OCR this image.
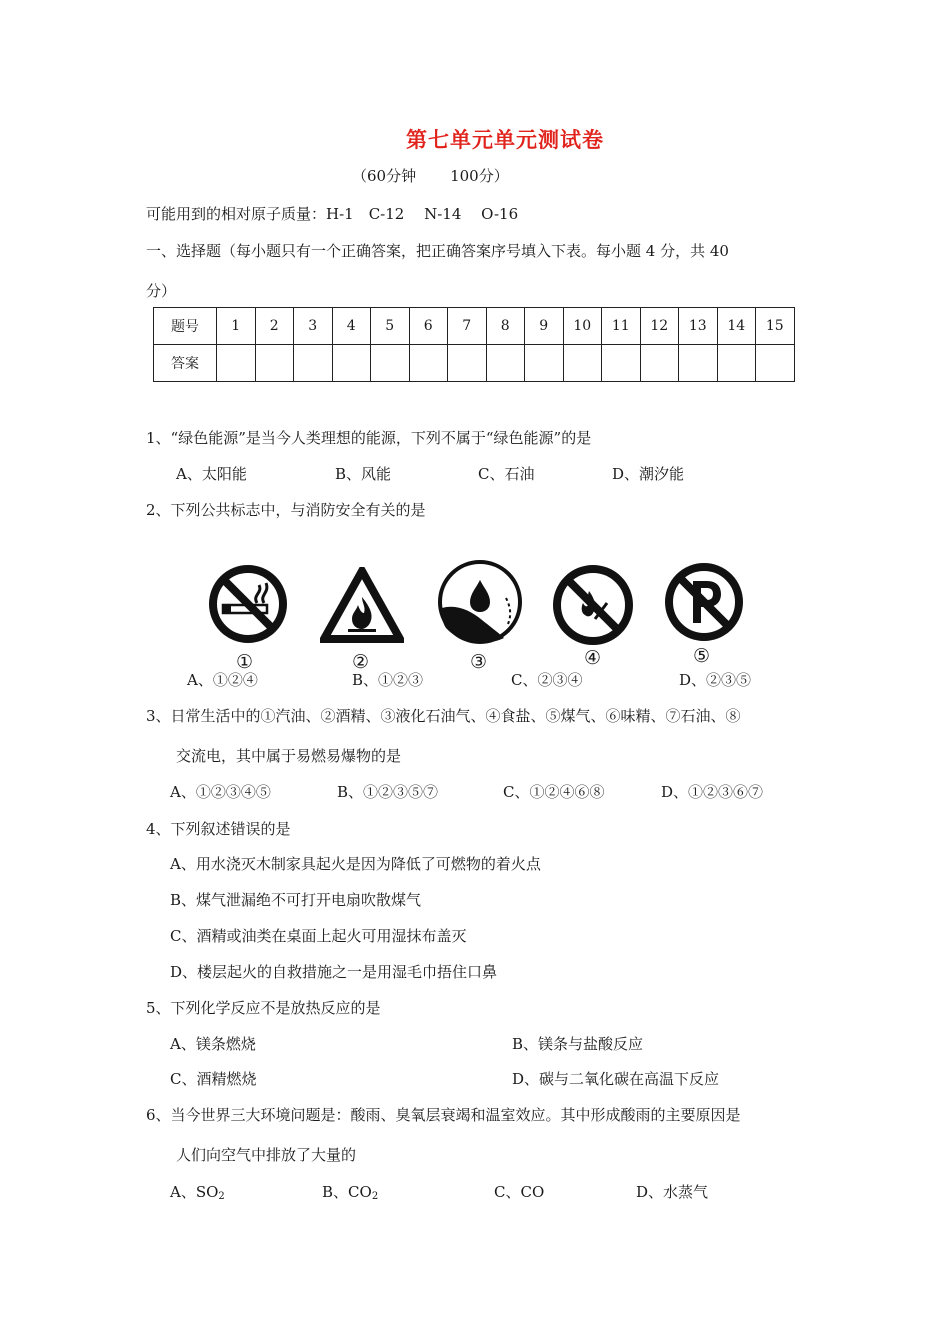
第七单元单元测试卷
（60分钟 100分）
可能用到的相对原子质量：H-1　C-12　 N-14　 O-16
一、选择题（每小题只有一个正确答案，把正确答案序号填入下表。每小题 4 分，共 40
分）
题号	1	2	3	4	5	6	7	8	9	10	11	12	13	14	15
答案															
1、“绿色能源”是当今人类理想的能源，下列不属于“绿色能源”的是
A、太阳能	B、风能	C、石油	D、潮汐能
2、下列公共标志中，与消防安全有关的是
①	②	③	④	⑤
A、①②④	B、①②③	C、②③④	D、②③⑤
3、日常生活中的①汽油、②酒精、③液化石油气、④食盐、⑤煤气、⑥味精、⑦石油、⑧
交流电，其中属于易燃易爆物的是
A、①②③④⑤	B、①②③⑤⑦	C、①②④⑥⑧	D、①②③⑥⑦
4、下列叙述错误的是
A、用水浇灭木制家具起火是因为降低了可燃物的着火点
B、煤气泄漏绝不可打开电扇吹散煤气
C、酒精或油类在桌面上起火可用湿抹布盖灭
D、楼层起火的自救措施之一是用湿毛巾捂住口鼻
5、下列化学反应不是放热反应的是
A、镁条燃烧	B、镁条与盐酸反应
C、酒精燃烧	D、碳与二氧化碳在高温下反应
6、当今世界三大环境问题是：酸雨、臭氧层衰竭和温室效应。其中形成酸雨的主要原因是
人们向空气中排放了大量的
A、$SO_2$	B、$CO_2$	C、CO	D、水蒸气
